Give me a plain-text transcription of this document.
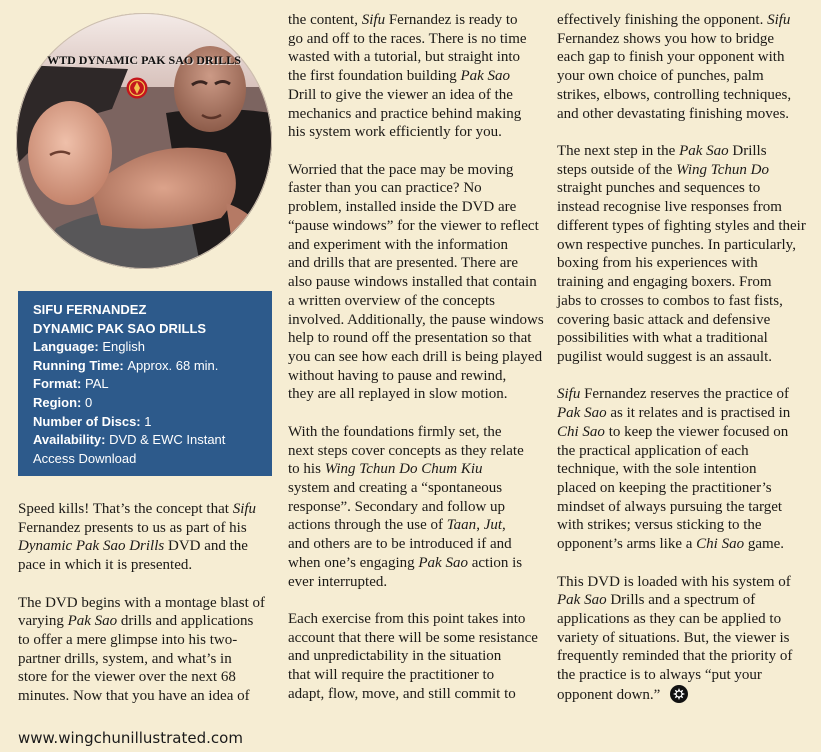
WTD DYNAMIC PAK SAO DRILLS
SIFU FERNANDEZ
DYNAMIC PAK SAO DRILLS
Language: English
Running Time: Approx. 68 min.
Format: PAL
Region: 0
Number of Discs: 1
Availability: DVD & EWC Instant Access Download
Speed kills! That’s the concept that Sifu
Fernandez presents to us as part of his
Dynamic Pak Sao Drills DVD and the
pace in which it is presented.
The DVD begins with a montage blast of
varying Pak Sao drills and applications
to offer a mere glimpse into his two-
partner drills, system, and what’s in
store for the viewer over the next 68
minutes. Now that you have an idea of
the content, Sifu Fernandez is ready to
go and off to the races. There is no time
wasted with a tutorial, but straight into
the first foundation building Pak Sao
Drill to give the viewer an idea of the
mechanics and practice behind making
his system work efficiently for you.
Worried that the pace may be moving
faster than you can practice? No
problem, installed inside the DVD are
“pause windows” for the viewer to reflect
and experiment with the information
and drills that are presented. There are
also pause windows installed that contain
a written overview of the concepts
involved. Additionally, the pause windows
help to round off the presentation so that
you can see how each drill is being played
without having to pause and rewind,
they are all replayed in slow motion.
With the foundations firmly set, the
next steps cover concepts as they relate
to his Wing Tchun Do Chum Kiu
system and creating a “spontaneous
response”. Secondary and follow up
actions through the use of Taan, Jut,
and others are to be introduced if and
when one’s engaging Pak Sao action is
ever interrupted.
Each exercise from this point takes into
account that there will be some resistance
and unpredictability in the situation
that will require the practitioner to
adapt, flow, move, and still commit to
effectively finishing the opponent. Sifu
Fernandez shows you how to bridge
each gap to finish your opponent with
your own choice of punches, palm
strikes, elbows, controlling techniques,
and other devastating finishing moves.
The next step in the Pak Sao Drills
steps outside of the Wing Tchun Do
straight punches and sequences to
instead recognise live responses from
different types of fighting styles and their
own respective punches. In particularly,
boxing from his experiences with
training and engaging boxers. From
jabs to crosses to combos to fast fists,
covering basic attack and defensive
possibilities with what a traditional
pugilist would suggest is an assault.
Sifu Fernandez reserves the practice of
Pak Sao as it relates and is practised in
Chi Sao to keep the viewer focused on
the practical application of each
technique, with the sole intention
placed on keeping the practitioner’s
mindset of always pursuing the target
with strikes; versus sticking to the
opponent’s arms like a Chi Sao game.
This DVD is loaded with his system of
Pak Sao Drills and a spectrum of
applications as they can be applied to
variety of situations. But, the viewer is
frequently reminded that the priority of
the practice is to always “put your
opponent down.”
www.wingchunillustrated.com
